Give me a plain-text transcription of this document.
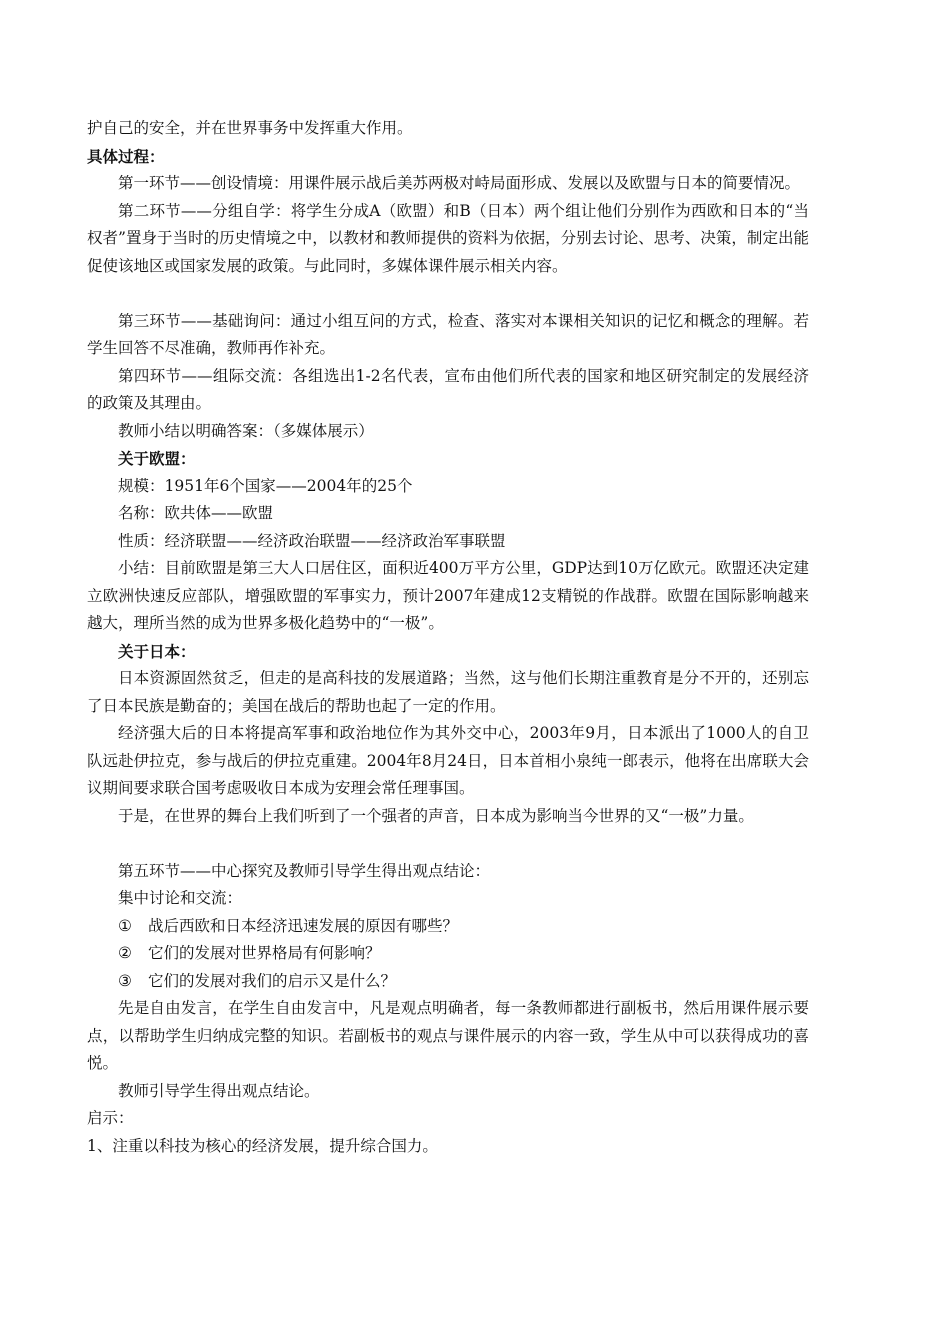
护自己的安全，并在世界事务中发挥重大作用。

具体过程：

第一环节——创设情境：用课件展示战后美苏两极对峙局面形成、发展以及欧盟与日本的简要情况。

第二环节——分组自学：将学生分成A（欧盟）和B（日本）两个组让他们分别作为西欧和日本的“当权者”置身于当时的历史情境之中，以教材和教师提供的资料为依据，分别去讨论、思考、决策，制定出能促使该地区或国家发展的政策。与此同时，多媒体课件展示相关内容。

第三环节——基础询问：通过小组互问的方式，检查、落实对本课相关知识的记忆和概念的理解。若学生回答不尽准确，教师再作补充。

第四环节——组际交流：各组选出1-2名代表，宣布由他们所代表的国家和地区研究制定的发展经济的政策及其理由。

教师小结以明确答案：（多媒体展示）

关于欧盟：

规模：1951年6个国家——2004年的25个

名称：欧共体——欧盟

性质：经济联盟——经济政治联盟——经济政治军事联盟

小结：目前欧盟是第三大人口居住区，面积近400万平方公里，GDP达到10万亿欧元。欧盟还决定建立欧洲快速反应部队，增强欧盟的军事实力，预计2007年建成12支精锐的作战群。欧盟在国际影响越来越大，理所当然的成为世界多极化趋势中的“一极”。

关于日本：

日本资源固然贫乏，但走的是高科技的发展道路；当然，这与他们长期注重教育是分不开的，还别忘了日本民族是勤奋的；美国在战后的帮助也起了一定的作用。

经济强大后的日本将提高军事和政治地位作为其外交中心，2003年9月，日本派出了1000人的自卫队远赴伊拉克，参与战后的伊拉克重建。2004年8月24日，日本首相小泉纯一郎表示，他将在出席联大会议期间要求联合国考虑吸收日本成为安理会常任理事国。

于是，在世界的舞台上我们听到了一个强者的声音，日本成为影响当今世界的又“一极”力量。

第五环节——中心探究及教师引导学生得出观点结论：

集中讨论和交流：

① 战后西欧和日本经济迅速发展的原因有哪些？
② 它们的发展对世界格局有何影响？
③ 它们的发展对我们的启示又是什么？

先是自由发言，在学生自由发言中，凡是观点明确者，每一条教师都进行副板书，然后用课件展示要点，以帮助学生归纳成完整的知识。若副板书的观点与课件展示的内容一致，学生从中可以获得成功的喜悦。

教师引导学生得出观点结论。

启示：

1、注重以科技为核心的经济发展，提升综合国力。
